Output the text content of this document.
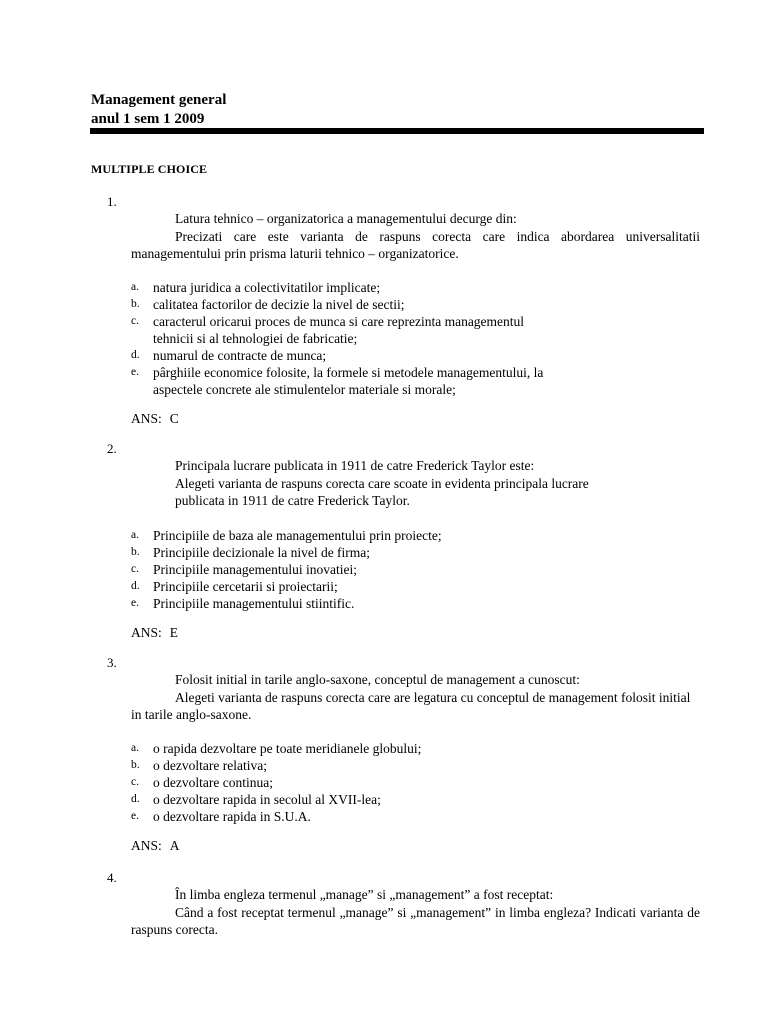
Management general
anul 1 sem 1 2009
MULTIPLE CHOICE
1.

Latura tehnico – organizatorica a managementului decurge din:

Precizati care este varianta de raspuns corecta care indica abordarea universalitatii managementului prin prisma laturii tehnico – organizatorice.

a. natura juridica a colectivitatilor implicate;
b. calitatea factorilor de decizie la nivel de sectii;
c. caracterul oricarui proces de munca si care reprezinta managementul tehnicii si al tehnologiei de fabricatie;
d. numarul de contracte de munca;
e. pârghiile economice folosite, la formele si metodele managementului, la aspectele concrete ale stimulentelor materiale si morale;
ANS: C
2.

Principala lucrare publicata in 1911 de catre Frederick Taylor este:

Alegeti varianta de raspuns corecta care scoate in evidenta principala lucrare publicata in 1911 de catre Frederick Taylor.

a. Principiile de baza ale managementului prin proiecte;
b. Principiile decizionale la nivel de firma;
c. Principiile managementului inovatiei;
d. Principiile cercetarii si proiectarii;
e. Principiile managementului stiintific.
ANS: E
3.

Folosit initial in tarile anglo-saxone, conceptul de management a cunoscut:

Alegeti varianta de raspuns corecta care are legatura cu conceptul de management folosit initial in tarile anglo-saxone.

a. o rapida dezvoltare pe toate meridianele globului;
b. o dezvoltare relativa;
c. o dezvoltare continua;
d. o dezvoltare rapida in secolul al XVII-lea;
e. o dezvoltare rapida in S.U.A.
ANS: A
4.

În limba engleza termenul „manage” si „management” a fost receptat:

Când a fost receptat termenul „manage” si „management” in limba engleza? Indicati varianta de raspuns corecta.
